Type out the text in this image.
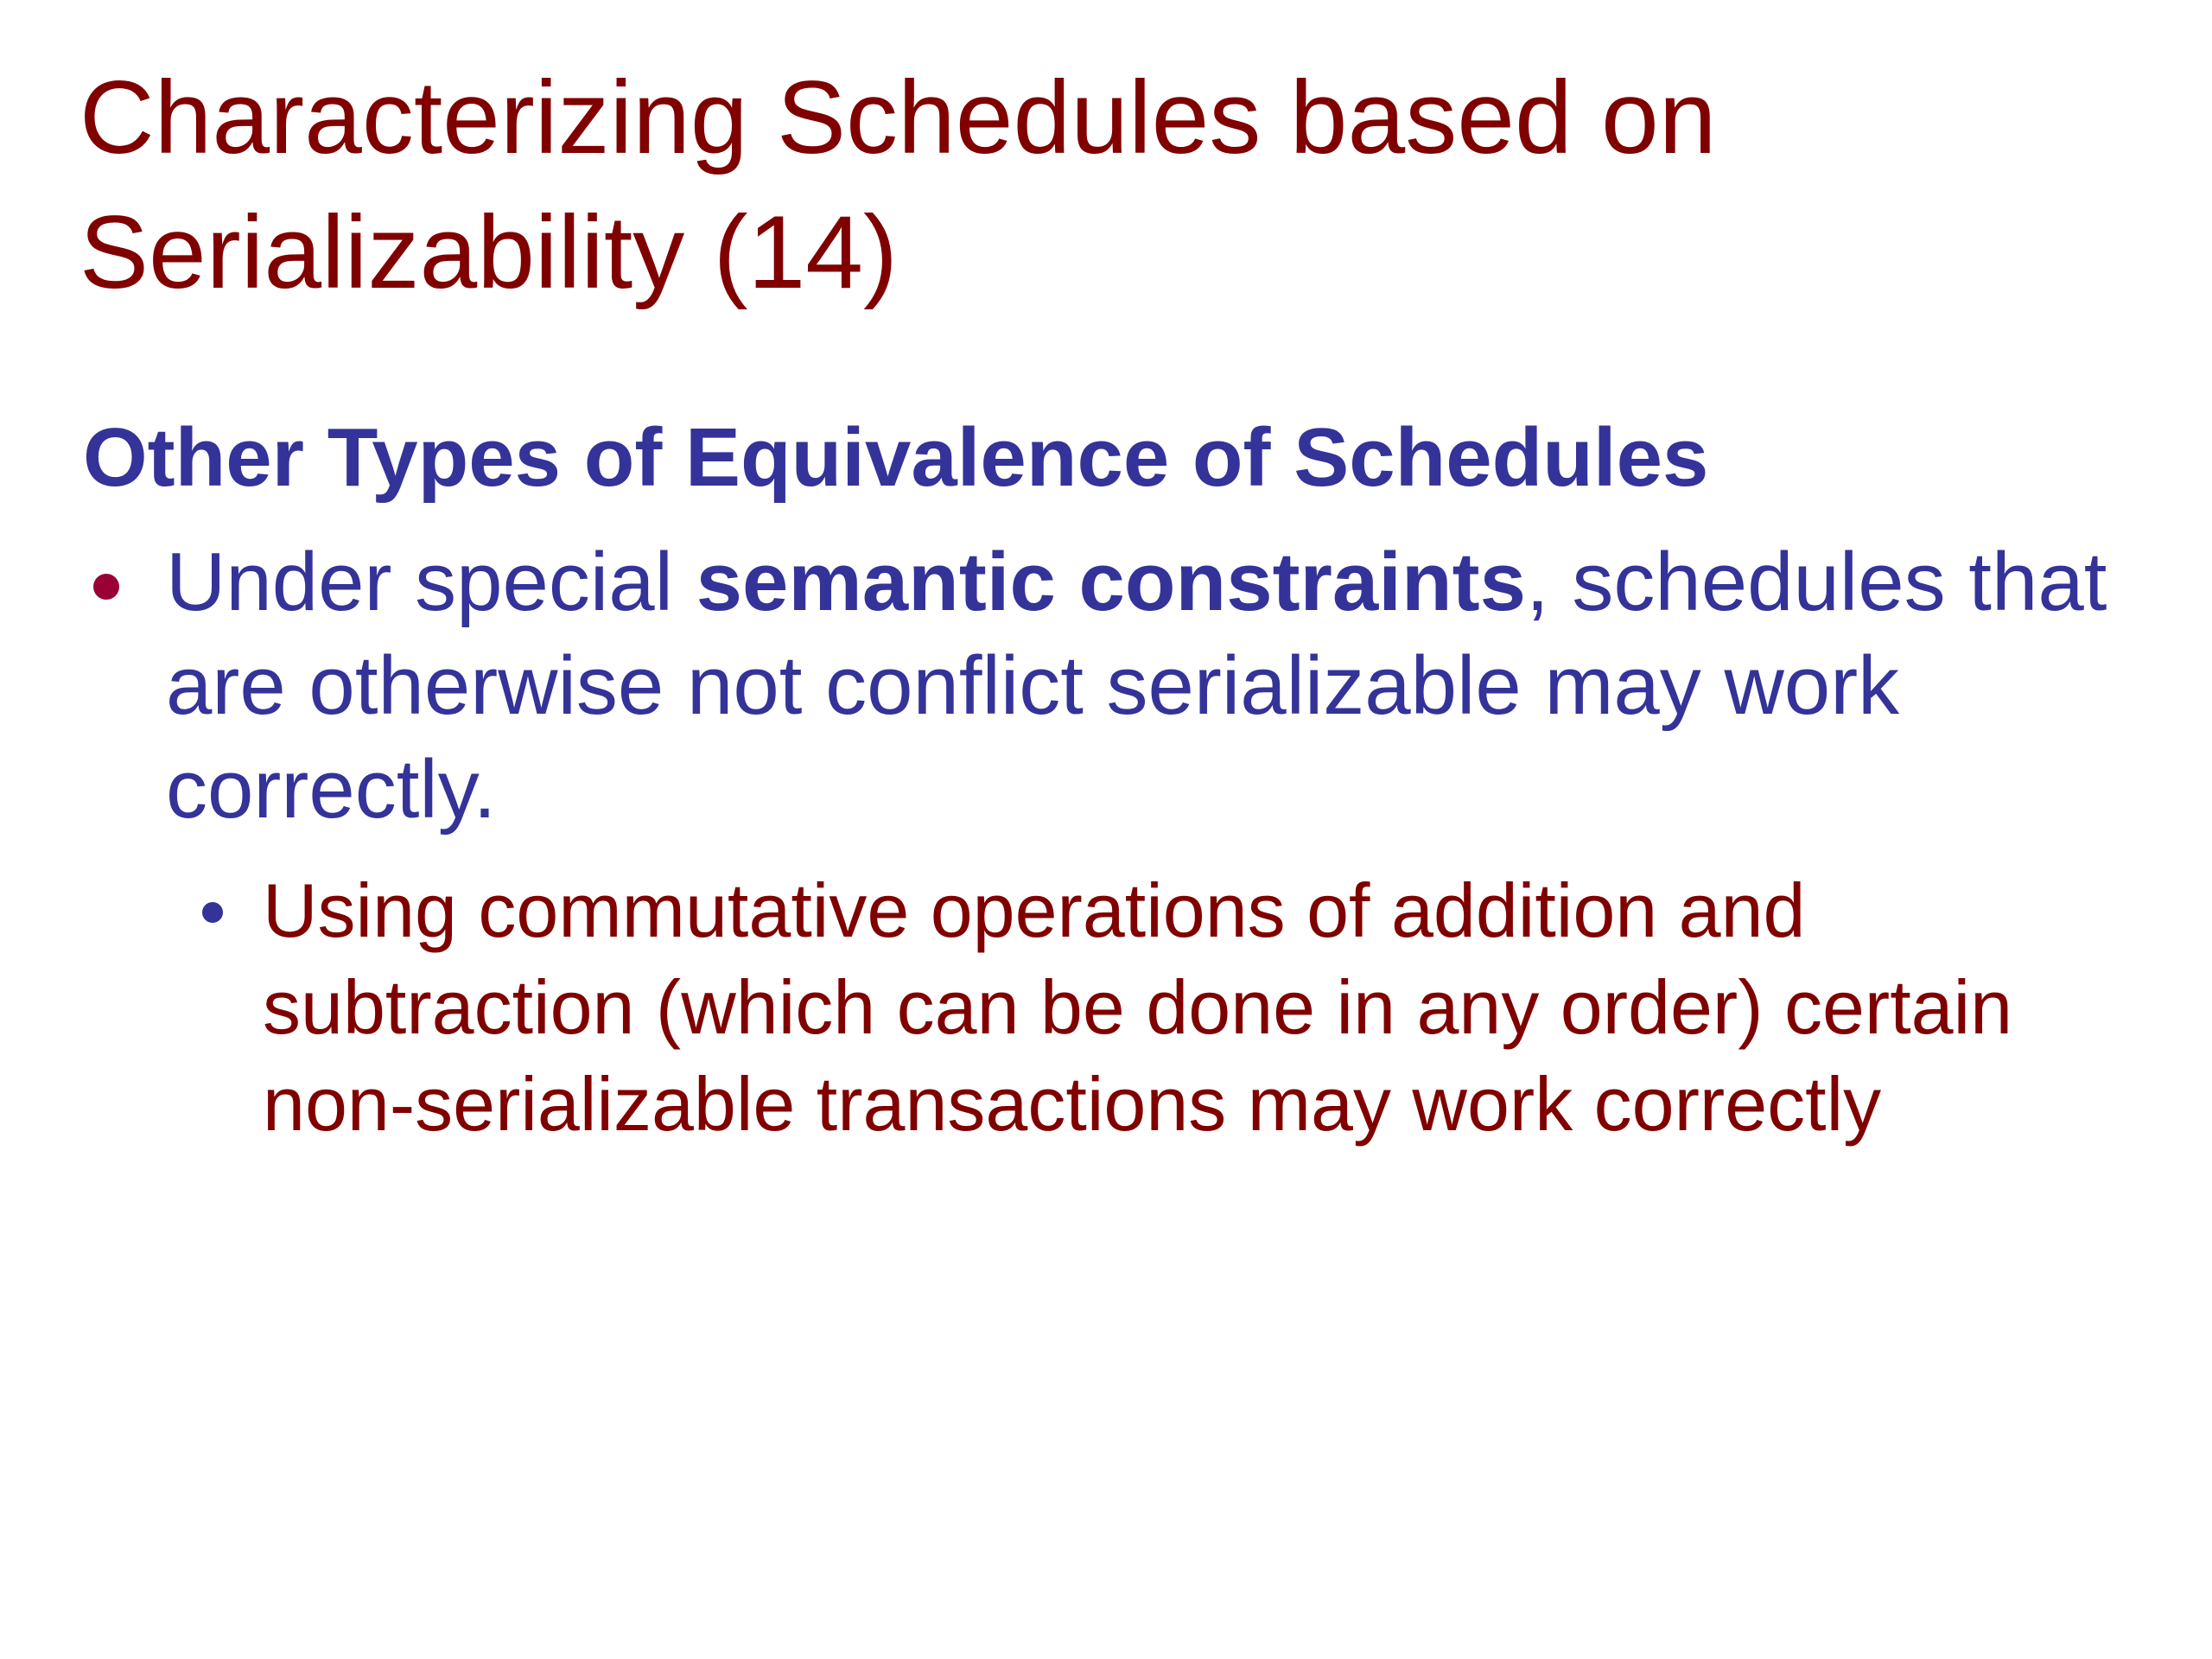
Characterizing Schedules based on Serializability (14)
Other Types of Equivalence of Schedules
Under special semantic constraints, schedules that are otherwise not conflict serializable may work correctly.
Using commutative operations of addition and subtraction (which can be done in any order) certain non-serializable transactions may work correctly
